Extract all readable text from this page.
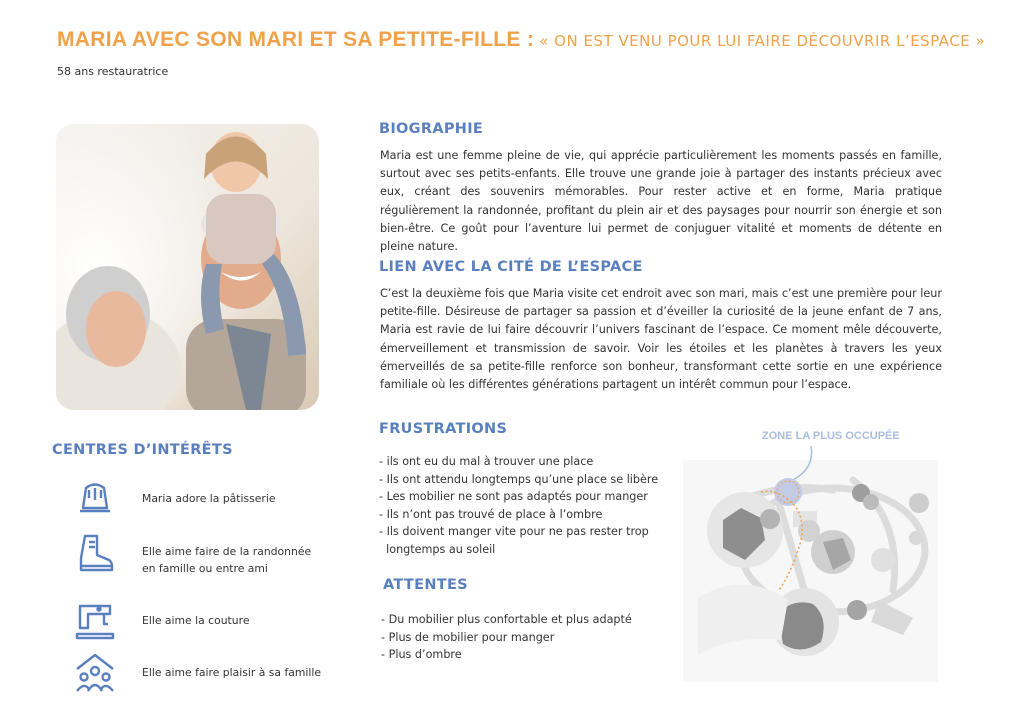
MARIA AVEC SON MARI ET SA PETITE-FILLE : « ON EST VENU POUR LUI FAIRE DÉCOUVRIR L’ESPACE »
58 ans restauratrice
BIOGRAPHIE
Maria est une femme pleine de vie, qui apprécie particulièrement les moments passés en famille, surtout avec ses petits-enfants. Elle trouve une grande joie à partager des instants précieux avec eux, créant des souvenirs mémorables. Pour rester active et en forme, Maria pratique régulièrement la randonnée, profitant du plein air et des paysages pour nourrir son énergie et son bien-être. Ce goût pour l’aventure lui permet de conjuguer vitalité et moments de détente en pleine nature.
LIEN AVEC LA CITÉ DE L’ESPACE
C’est la deuxième fois que Maria visite cet endroit avec son mari, mais c’est une première pour leur petite-fille. Désireuse de partager sa passion et d’éveiller la curiosité de la jeune enfant de 7 ans, Maria est ravie de lui faire découvrir l’univers fascinant de l’espace. Ce moment mêle découverte, émerveillement et transmission de savoir. Voir les étoiles et les planètes à travers les yeux émerveillés de sa petite-fille renforce son bonheur, transformant cette sortie en une expérience familiale où les différentes générations partagent un intérêt commun pour l’espace.
FRUSTRATIONS
- ils ont eu du mal à trouver une place
- Ils ont attendu longtemps qu’une place se libère
- Les mobilier ne sont pas adaptés pour manger
- Ils n’ont pas trouvé de place à l’ombre
- Ils doivent manger vite pour ne pas rester trop
longtemps au soleil
ATTENTES
- Du mobilier plus confortable et plus adapté
- Plus de mobilier pour manger
- Plus d’ombre
CENTRES D’INTÉRÊTS
Maria adore la pâtisserie
Elle aime faire de la randonnée
en famille ou entre ami
Elle aime la couture
Elle aime faire plaisir à sa famille
ZONE LA PLUS OCCUPÉE
